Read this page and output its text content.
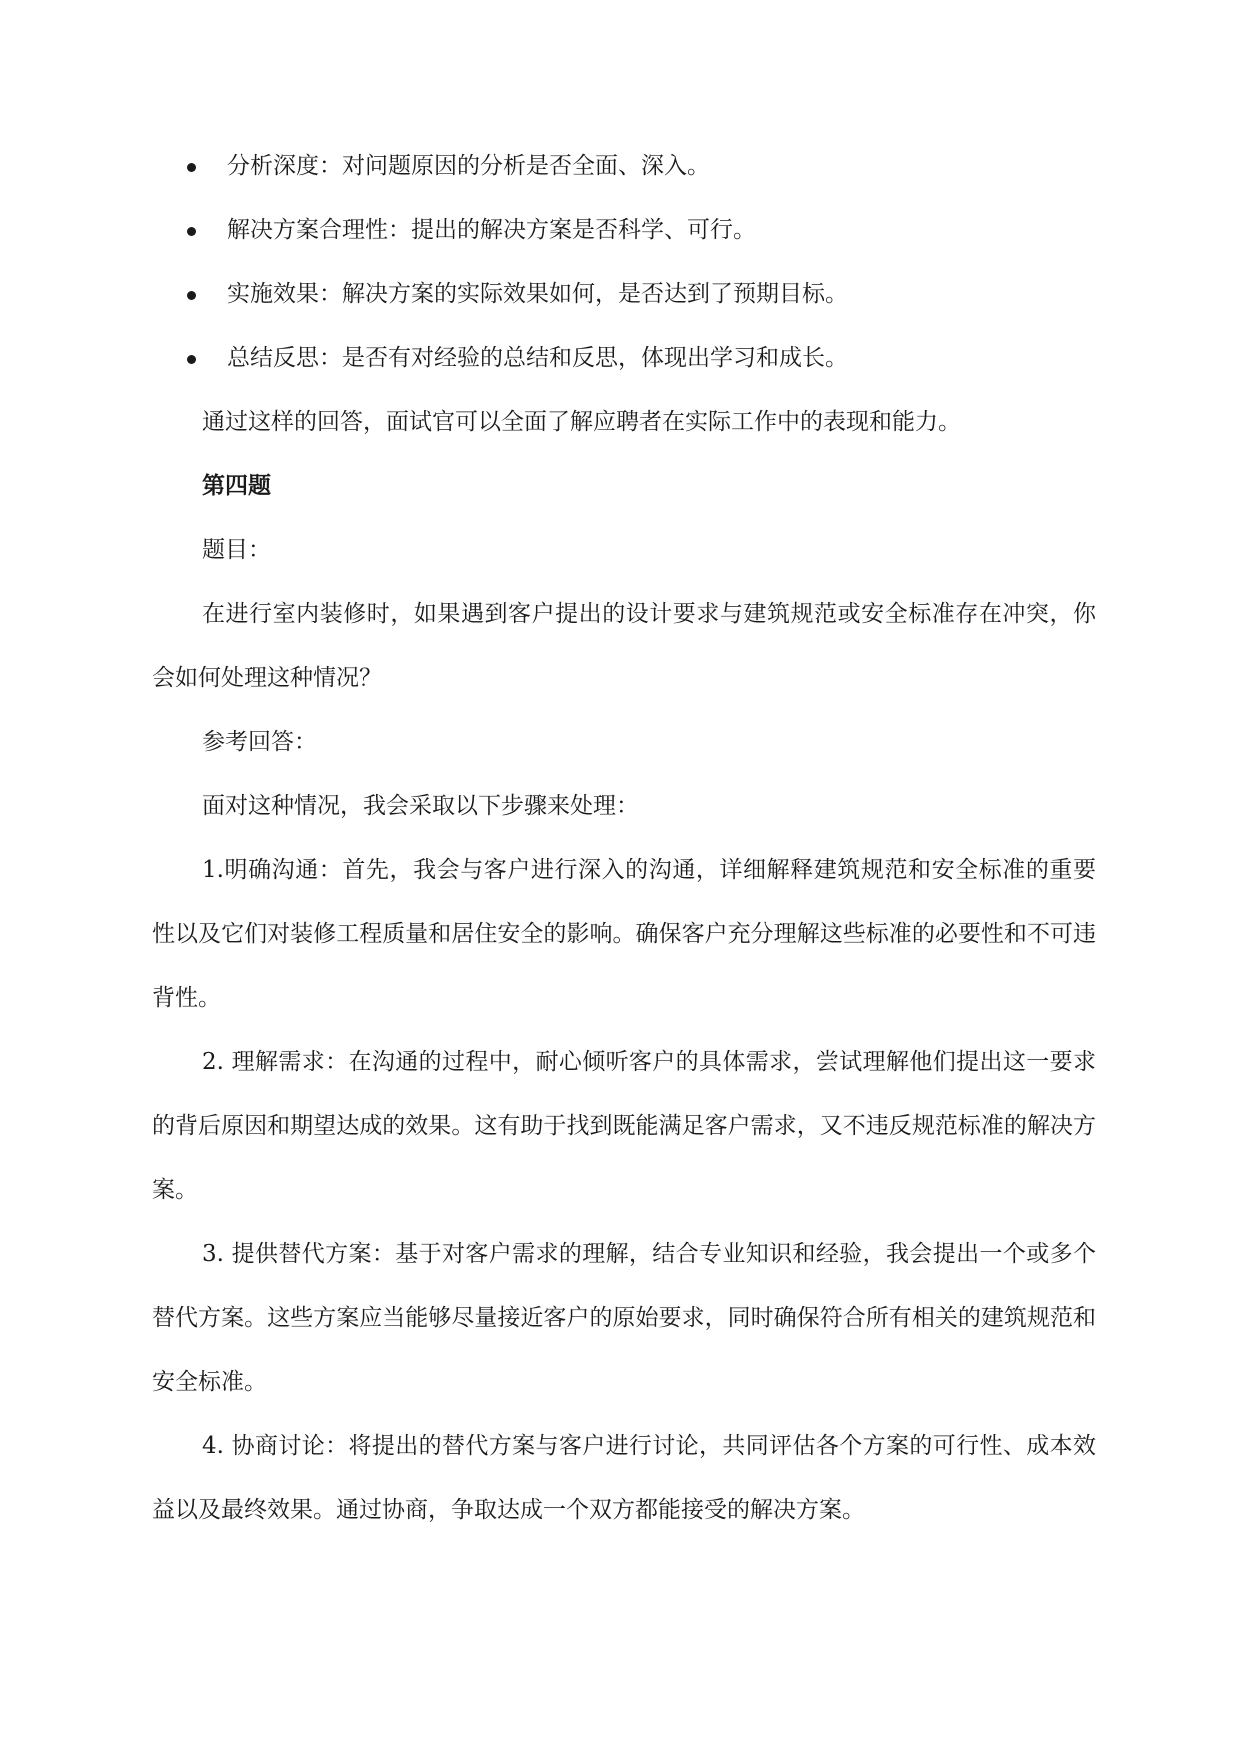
分析深度：对问题原因的分析是否全面、深入。
解决方案合理性：提出的解决方案是否科学、可行。
实施效果：解决方案的实际效果如何，是否达到了预期目标。
总结反思：是否有对经验的总结和反思，体现出学习和成长。

通过这样的回答，面试官可以全面了解应聘者在实际工作中的表现和能力。

第四题

题目：

在进行室内装修时，如果遇到客户提出的设计要求与建筑规范或安全标准存在冲突，你会如何处理这种情况？

参考回答：

面对这种情况，我会采取以下步骤来处理：

1.明确沟通：首先，我会与客户进行深入的沟通，详细解释建筑规范和安全标准的重要性以及它们对装修工程质量和居住安全的影响。确保客户充分理解这些标准的必要性和不可违背性。

2. 理解需求：在沟通的过程中，耐心倾听客户的具体需求，尝试理解他们提出这一要求的背后原因和期望达成的效果。这有助于找到既能满足客户需求，又不违反规范标准的解决方案。

3. 提供替代方案：基于对客户需求的理解，结合专业知识和经验，我会提出一个或多个替代方案。这些方案应当能够尽量接近客户的原始要求，同时确保符合所有相关的建筑规范和安全标准。

4. 协商讨论：将提出的替代方案与客户进行讨论，共同评估各个方案的可行性、成本效益以及最终效果。通过协商，争取达成一个双方都能接受的解决方案。
